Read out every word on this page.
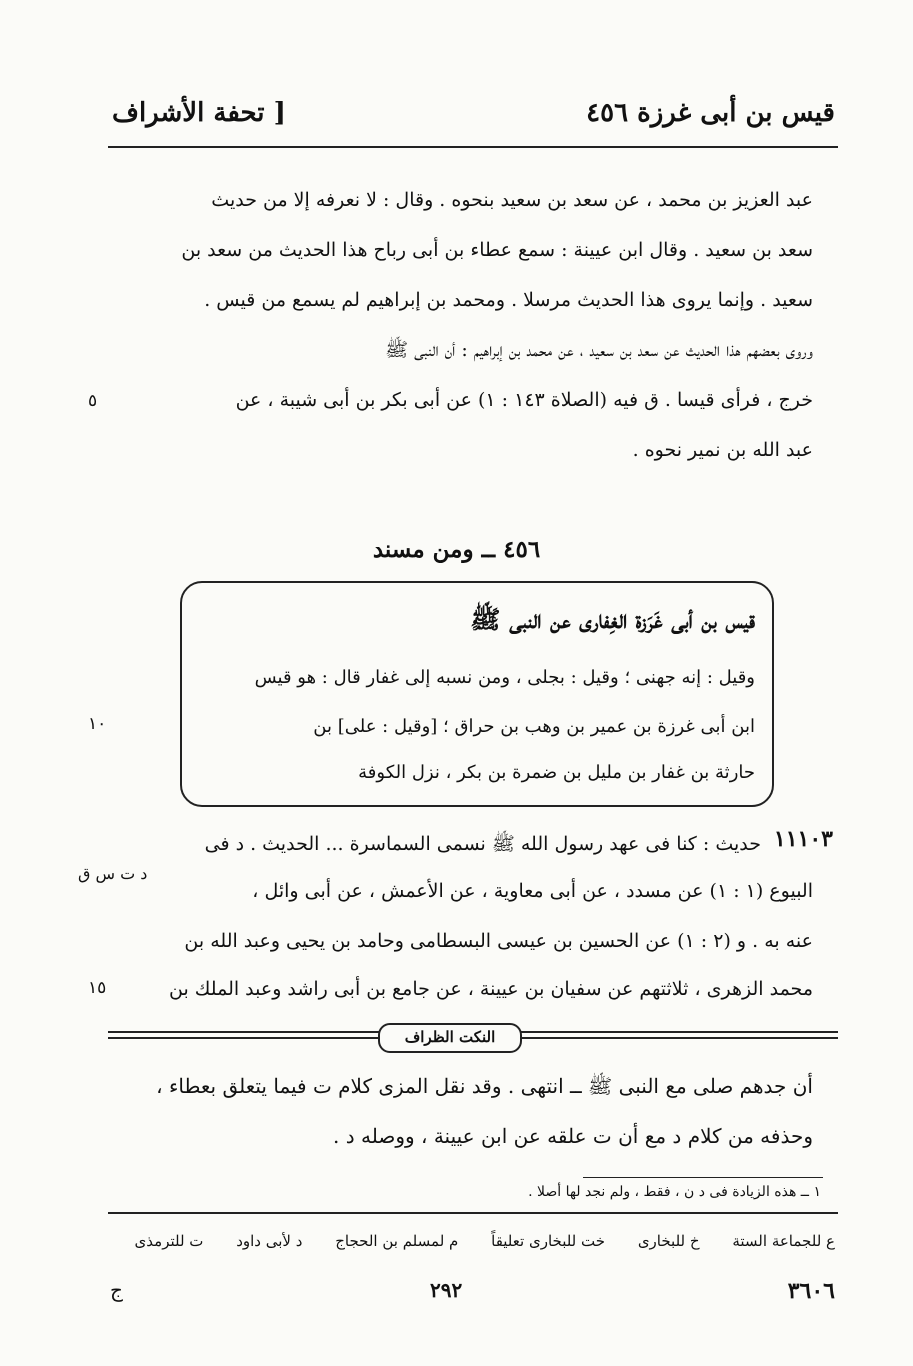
قيس بن أبى غرزة ٤٥٦
[ تحفة الأشراف
عبد العزيز بن محمد ، عن سعد بن سعيد بنحوه . وقال : لا نعرفه إلا من حديث
سعد بن سعيد . وقال ابن عيينة : سمع عطاء بن أبى رباح هذا الحديث من سعد بن
سعيد . وإنما يروى هذا الحديث مرسلا . ومحمد بن إبراهيم لم يسمع من قيس .
وروى بعضهم هذا الحديث عن سعد بن سعيد ، عن محمد بن إبراهيم : أن النبى ﷺ
خرج ، فرأى قيسا . ق فيه (الصلاة ١٤٣ : ١) عن أبى بكر بن أبى شيبة ، عن
٥
عبد الله بن نمير نحوه .
٤٥٦ ــ ومن مسند
قيس بن أبى غَرَزة الغِفارى عن النبى ﷺ
وقيل : إنه جهنى ؛ وقيل : بجلى ، ومن نسبه إلى غفار قال : هو قيس
ابن أبى غرزة بن عمير بن وهب بن حراق ؛ [وقيل : على] بن
١٠
حارثة بن غفار بن مليل بن ضمرة بن بكر ، نزل الكوفة
١١١٠٣
حديث : كنا فى عهد رسول الله ﷺ نسمى السماسرة ... الحديث . د فى
د ت س ق
البيوع (١ : ١) عن مسدد ، عن أبى معاوية ، عن الأعمش ، عن أبى وائل ،
عنه به . و (٢ : ١) عن الحسين بن عيسى البسطامى وحامد بن يحيى وعبد الله بن
محمد الزهرى ، ثلاثتهم عن سفيان بن عيينة ، عن جامع بن أبى راشد وعبد الملك بن
١٥
النكت الظراف
أن جدهم صلى مع النبى ﷺ ــ انتهى . وقد نقل المزى كلام ت فيما يتعلق بعطاء ،
وحذفه من كلام د مع أن ت علقه عن ابن عيينة ، ووصله د .
١ ــ هذه الزيادة فى د ن ، فقط ، ولم نجد لها أصلا .
ع للجماعة الستة خ للبخارى خت للبخارى تعليقاً م لمسلم بن الحجاج د لأبى داود ت للترمذى
٣٦٠٦
٢٩٢
ج
